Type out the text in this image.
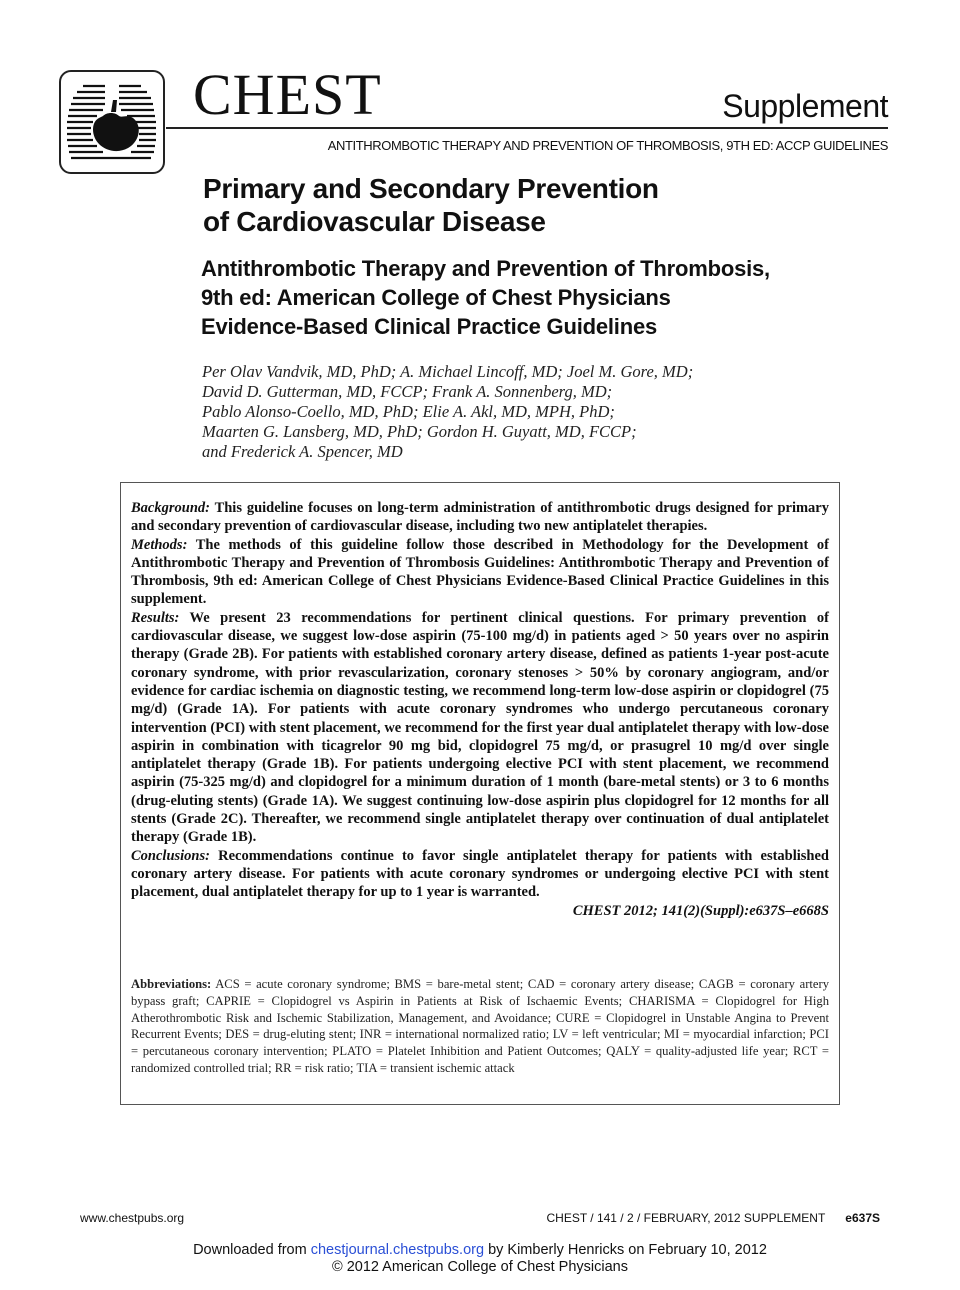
CHEST	Supplement
ANTITHROMBOTIC THERAPY AND PREVENTION OF THROMBOSIS, 9TH ED: ACCP GUIDELINES
Primary and Secondary Prevention
of Cardiovascular Disease
Antithrombotic Therapy and Prevention of Thrombosis,
9th ed: American College of Chest Physicians
Evidence-Based Clinical Practice Guidelines
Per Olav Vandvik, MD, PhD; A. Michael Lincoff, MD; Joel M. Gore, MD;
David D. Gutterman, MD, FCCP; Frank A. Sonnenberg, MD;
Pablo Alonso-Coello, MD, PhD; Elie A. Akl, MD, MPH, PhD;
Maarten G. Lansberg, MD, PhD; Gordon H. Guyatt, MD, FCCP;
and Frederick A. Spencer, MD

Background: This guideline focuses on long-term administration of antithrombotic drugs designed for primary and secondary prevention of cardiovascular disease, including two new antiplatelet therapies.

Methods: The methods of this guideline follow those described in Methodology for the Development of Antithrombotic Therapy and Prevention of Thrombosis Guidelines: Antithrombotic Therapy and Prevention of Thrombosis, 9th ed: American College of Chest Physicians Evidence-Based Clinical Practice Guidelines in this supplement.

Results: We present 23 recommendations for pertinent clinical questions. For primary prevention of cardiovascular disease, we suggest low-dose aspirin (75-100 mg/d) in patients aged > 50 years over no aspirin therapy (Grade 2B). For patients with established coronary artery disease, defined as patients 1-year post-acute coronary syndrome, with prior revascularization, coronary stenoses > 50% by coronary angiogram, and/or evidence for cardiac ischemia on diagnostic testing, we recommend long-term low-dose aspirin or clopidogrel (75 mg/d) (Grade 1A). For patients with acute coronary syndromes who undergo percutaneous coronary intervention (PCI) with stent placement, we recommend for the first year dual antiplatelet therapy with low-dose aspirin in combination with ticagrelor 90 mg bid, clopidogrel 75 mg/d, or prasugrel 10 mg/d over single antiplatelet therapy (Grade 1B). For patients undergoing elective PCI with stent placement, we recommend aspirin (75-325 mg/d) and clopidogrel for a minimum duration of 1 month (bare-metal stents) or 3 to 6 months (drug-eluting stents) (Grade 1A). We suggest continuing low-dose aspirin plus clopidogrel for 12 months for all stents (Grade 2C). Thereafter, we recommend single antiplatelet therapy over continuation of dual antiplatelet therapy (Grade 1B).

Conclusions: Recommendations continue to favor single antiplatelet therapy for patients with established coronary artery disease. For patients with acute coronary syndromes or undergoing elective PCI with stent placement, dual antiplatelet therapy for up to 1 year is warranted.

CHEST 2012; 141(2)(Suppl):e637S–e668S

Abbreviations: ACS = acute coronary syndrome; BMS = bare-metal stent; CAD = coronary artery disease; CAGB = coronary artery bypass graft; CAPRIE = Clopidogrel vs Aspirin in Patients at Risk of Ischaemic Events; CHARISMA = Clopidogrel for High Atherothrombotic Risk and Ischemic Stabilization, Management, and Avoidance; CURE = Clopidogrel in Unstable Angina to Prevent Recurrent Events; DES = drug-eluting stent; INR = international normalized ratio; LV = left ventricular; MI = myocardial infarction; PCI = percutaneous coronary intervention; PLATO = Platelet Inhibition and Patient Outcomes; QALY = quality-adjusted life year; RCT = randomized controlled trial; RR = risk ratio; TIA = transient ischemic attack
www.chestpubs.org	CHEST / 141 / 2 / FEBRUARY, 2012 SUPPLEMENT e637S
Downloaded from chestjournal.chestpubs.org by Kimberly Henricks on February 10, 2012
© 2012 American College of Chest Physicians
